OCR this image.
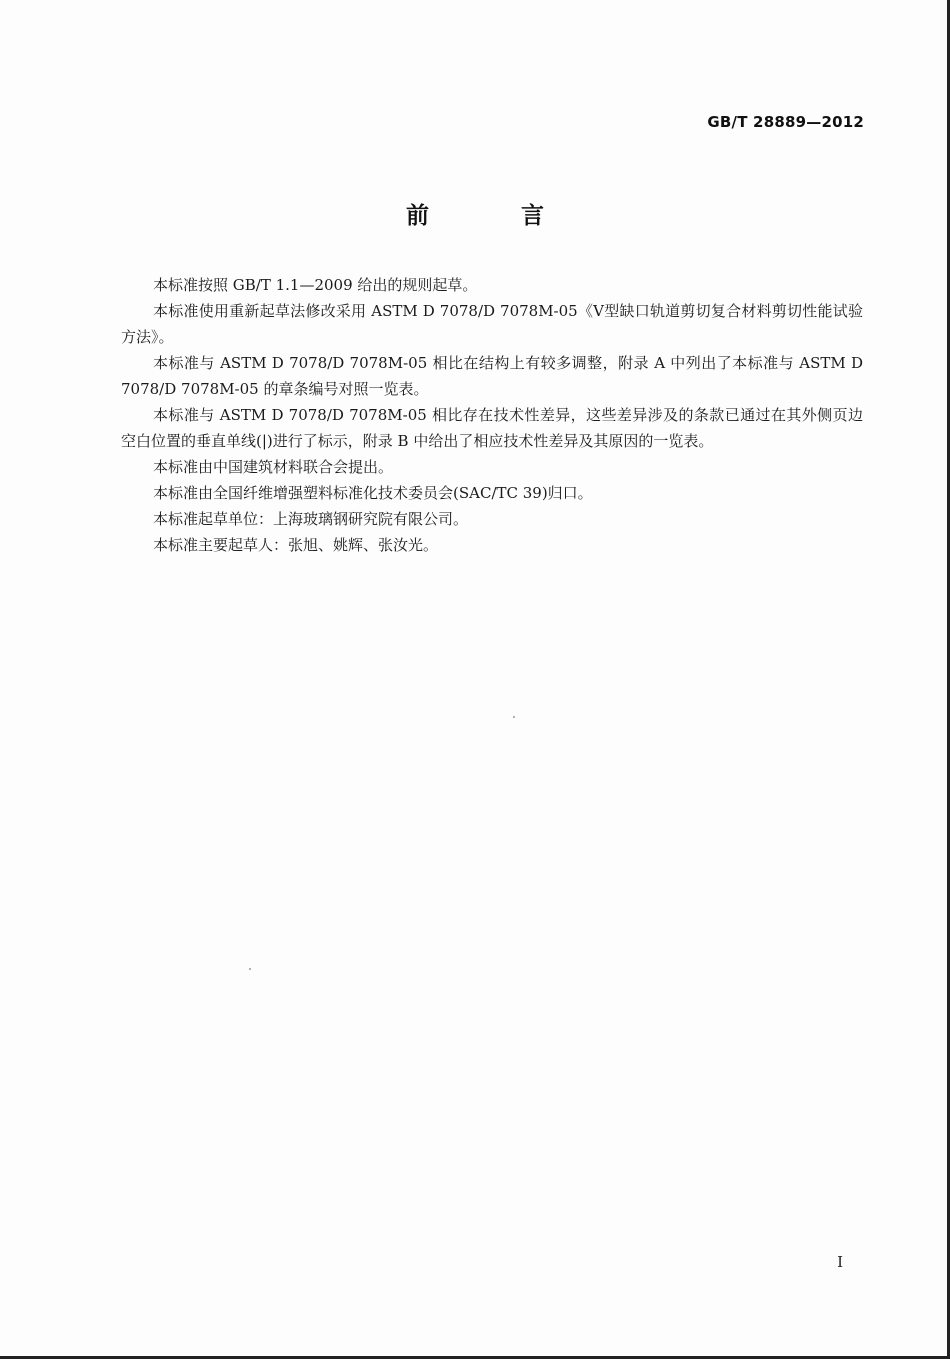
GB/T 28889—2012
前 言

本标准按照 GB/T 1.1—2009 给出的规则起草。

本标准使用重新起草法修改采用 ASTM D 7078/D 7078M-05《V型缺口轨道剪切复合材料剪切性能试验方法》。

本标准与 ASTM D 7078/D 7078M-05 相比在结构上有较多调整，附录 A 中列出了本标准与 ASTM D 7078/D 7078M-05 的章条编号对照一览表。

本标准与 ASTM D 7078/D 7078M-05 相比存在技术性差异，这些差异涉及的条款已通过在其外侧页边空白位置的垂直单线(|)进行了标示，附录 B 中给出了相应技术性差异及其原因的一览表。

本标准由中国建筑材料联合会提出。

本标准由全国纤维增强塑料标准化技术委员会(SAC/TC 39)归口。

本标准起草单位：上海玻璃钢研究院有限公司。

本标准主要起草人：张旭、姚辉、张汝光。

I
